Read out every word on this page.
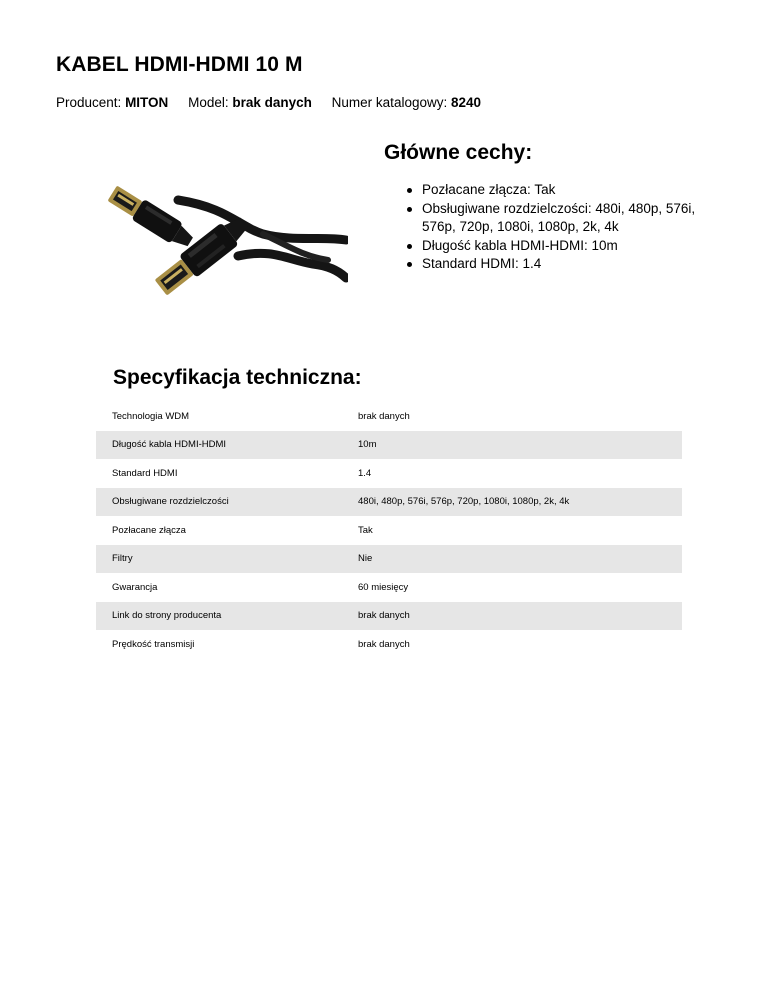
KABEL HDMI-HDMI 10 M
Producent: MITON Model: brak danych Numer katalogowy: 8240
Główne cechy:
Pozłacane złącza: Tak
Obsługiwane rozdzielczości: 480i, 480p, 576i, 576p, 720p, 1080i, 1080p, 2k, 4k
Długość kabla HDMI-HDMI: 10m
Standard HDMI: 1.4
Specyfikacja techniczna:
Technologia WDM	brak danych
Długość kabla HDMI-HDMI	10m
Standard HDMI	1.4
Obsługiwane rozdzielczości	480i, 480p, 576i, 576p, 720p, 1080i, 1080p, 2k, 4k
Pozłacane złącza	Tak
Filtry	Nie
Gwarancja	60 miesięcy
Link do strony producenta	brak danych
Prędkość transmisji	brak danych
